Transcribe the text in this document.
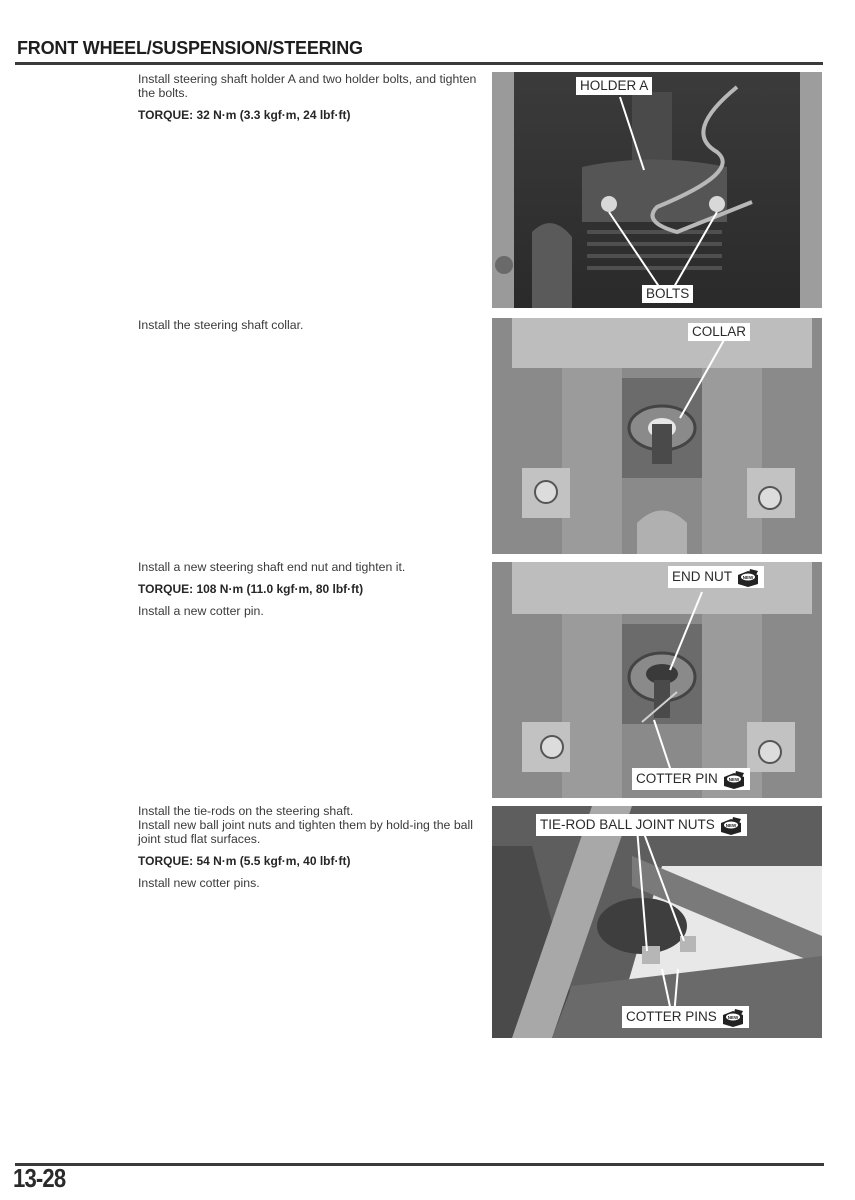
FRONT WHEEL/SUSPENSION/STEERING

Install steering shaft holder A and two holder bolts, and tighten the bolts.

TORQUE: 32 N·m (3.3 kgf·m, 24 lbf·ft)

Install the steering shaft collar.

Install a new steering shaft end nut and tighten it.

TORQUE: 108 N·m (11.0 kgf·m, 80 lbf·ft)

Install a new cotter pin.

Install the tie-rods on the steering shaft.

Install new ball joint nuts and tighten them by hold-ing the ball joint stud flat surfaces.

TORQUE: 54 N·m (5.5 kgf·m, 40 lbf·ft)

Install new cotter pins.

HOLDER A
BOLTS
COLLAR
END NUT NEW
COTTER PIN NEW
TIE-ROD BALL JOINT NUTS NEW
COTTER PINS NEW
13-28
